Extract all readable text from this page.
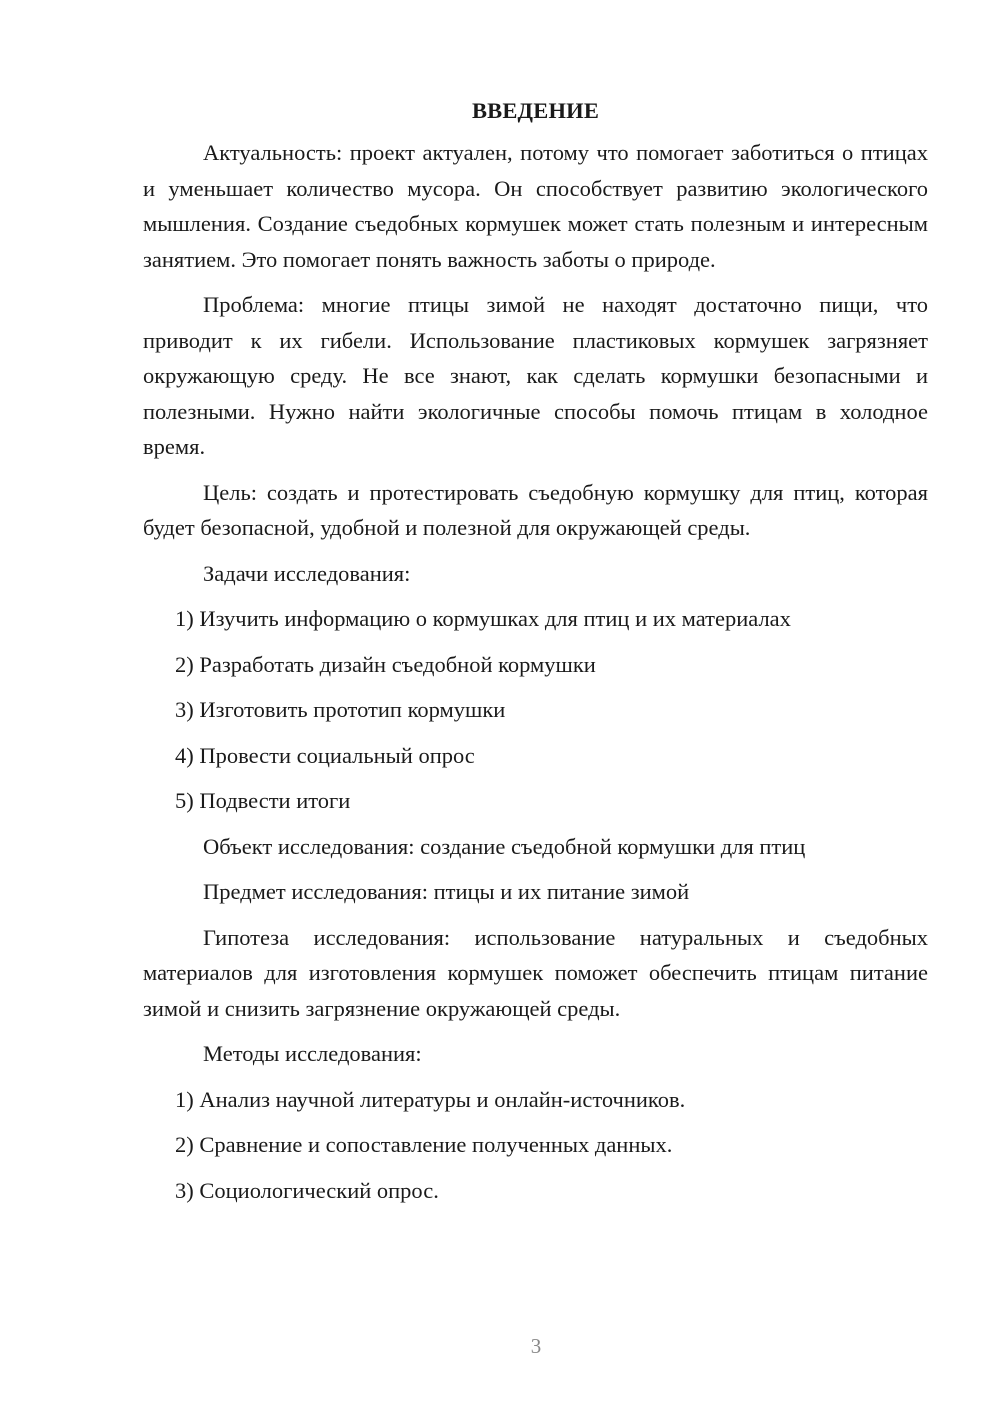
ВВЕДЕНИЕ

Актуальность: проект актуален, потому что помогает заботиться о птицах и уменьшает количество мусора. Он способствует развитию экологического мышления. Создание съедобных кормушек может стать полезным и интересным занятием. Это помогает понять важность заботы о природе.

Проблема: многие птицы зимой не находят достаточно пищи, что приводит к их гибели. Использование пластиковых кормушек загрязняет окружающую среду. Не все знают, как сделать кормушки безопасными и полезными. Нужно найти экологичные способы помочь птицам в холодное время.

Цель: создать и протестировать съедобную кормушку для птиц, которая будет безопасной, удобной и полезной для окружающей среды.

Задачи исследования:
1) Изучить информацию о кормушках для птиц и их материалах
2) Разработать дизайн съедобной кормушки
3) Изготовить прототип кормушки
4) Провести социальный опрос
5) Подвести итоги
Объект исследования: создание съедобной кормушки для птиц
Предмет исследования: птицы и их питание зимой

Гипотеза исследования: использование натуральных и съедобных материалов для изготовления кормушек поможет обеспечить птицам питание зимой и снизить загрязнение окружающей среды.

Методы исследования:
1) Анализ научной литературы и онлайн-источников.
2) Сравнение и сопоставление полученных данных.
3) Социологический опрос.
3
